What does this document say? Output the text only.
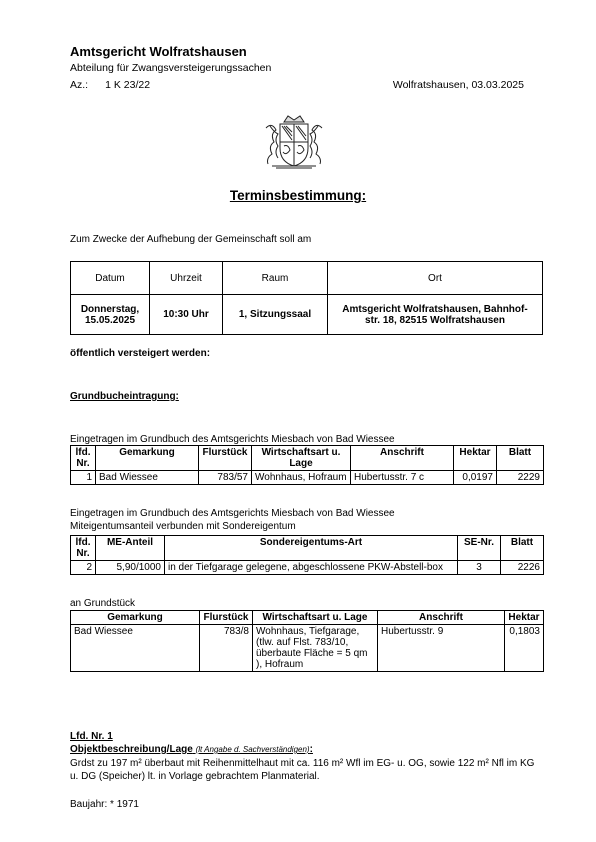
Amtsgericht Wolfratshausen
Abteilung für Zwangsversteigerungssachen
Az.: 1 K 23/22	Wolfratshausen, 03.03.2025
Terminsbestimmung:
Zum Zwecke der Aufhebung der Gemeinschaft soll am
Datum	Uhrzeit	Raum	Ort
Donnerstag,
15.05.2025	10:30 Uhr	1, Sitzungssaal	Amtsgericht Wolfratshausen, Bahnhof-
str. 18, 82515 Wolfratshausen
öffentlich versteigert werden:
Grundbucheintragung:
Eingetragen im Grundbuch des Amtsgerichts Miesbach von Bad Wiessee
lfd. Nr.	Gemarkung	Flurstück	Wirtschaftsart u. Lage	Anschrift	Hektar	Blatt
1	Bad Wiessee	783/57	Wohnhaus, Hofraum	Hubertusstr. 7 c	0,0197	2229
Eingetragen im Grundbuch des Amtsgerichts Miesbach von Bad Wiessee
Miteigentumsanteil verbunden mit Sondereigentum
lfd. Nr.	ME-Anteil	Sondereigentums-Art	SE-Nr.	Blatt
2	5,90/1000	in der Tiefgarage gelegene, abgeschlossene PKW-Abstell-box	3	2226
an Grundstück
Gemarkung	Flurstück	Wirtschaftsart u. Lage	Anschrift	Hektar
Bad Wiessee	783/8	Wohnhaus, Tiefgarage, (tlw. auf Flst. 783/10, überbaute Fläche = 5 qm ), Hofraum	Hubertusstr. 9	0,1803
Lfd. Nr. 1
Objektbeschreibung/Lage (lt Angabe d. Sachverständigen):
Grdst zu 197 m² überbaut mit Reihenmittelhaut mit ca. 116 m² Wfl im EG- u. OG, sowie 122 m² Nfl im KG u. DG (Speicher) lt. in Vorlage gebrachtem Planmaterial.
Baujahr: * 1971
